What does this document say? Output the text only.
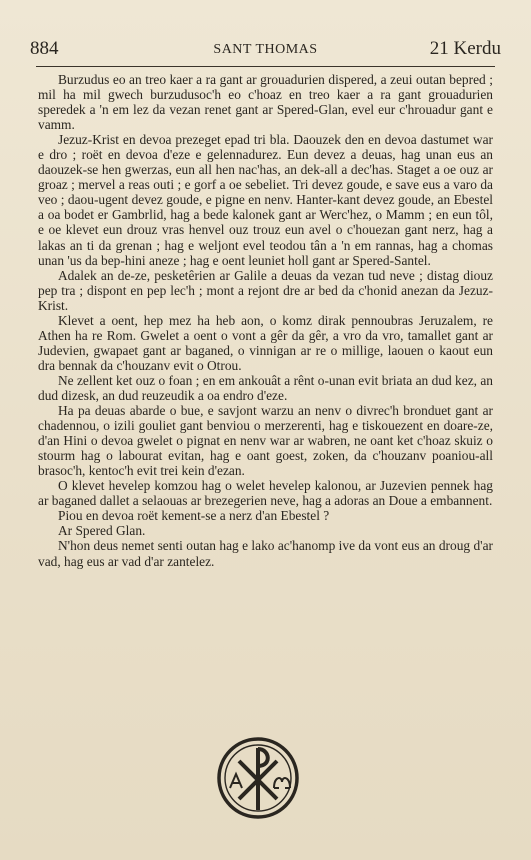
884	SANT THOMAS	21 Kerdu

Burzudus eo an treo kaer a ra gant ar grouadurien dispered, a zeui outan bepred ; mil ha mil gwech burzudusoc'h eo c'hoaz en treo kaer a ra gant grouadurien speredek a 'n em lez da vezan renet gant ar Spered-Glan, evel eur c'hrouadur gant e vamm.

Jezuz-Krist en devoa prezeget epad tri bla. Daouzek den en devoa dastumet war e dro ; roët en devoa d'eze e gelennadurez. Eun devez a deuas, hag unan eus an daouzek-se hen gwerzas, eun all hen nac'has, an dek-all a dec'has. Staget a oe ouz ar groaz ; mervel a reas outi ; e gorf a oe sebeliet. Tri devez goude, e save eus a varo da veo ; daou-ugent devez goude, e pigne en nenv. Hanter-kant devez goude, an Ebestel a oa bodet er Gambrlid, hag a bede kalonek gant ar Werc'hez, o Mamm ; en eun tôl, e oe klevet eun drouz vras henvel ouz trouz eun avel o c'houezan gant nerz, hag a lakas an ti da grenan ; hag e weljont evel teodou tân a 'n em rannas, hag a chomas unan 'us da bep-hini aneze ; hag e oent leuniet holl gant ar Spered-Santel.

Adalek an de-ze, pesketêrien ar Galile a deuas da vezan tud neve ; distag diouz pep tra ; dispont en pep lec'h ; mont a rejont dre ar bed da c'honid anezan da Jezuz-Krist.

Klevet a oent, hep mez ha heb aon, o komz dirak pennoubras Jeruzalem, re Athen ha re Rom. Gwelet a oent o vont a gêr da gêr, a vro da vro, tamallet gant ar Judevien, gwapaet gant ar baganed, o vinnigan ar re o millige, laouen o kaout eun dra bennak da c'houzanv evit o Otrou.

Ne zellent ket ouz o foan ; en em ankouât a rênt o-unan evit briata an dud kez, an dud dizesk, an dud reuzeudik a oa endro d'eze.

Ha pa deuas abarde o bue, e savjont warzu an nenv o divrec'h bronduet gant ar chadennou, o izili gouliet gant benviou o merzerenti, hag e tiskouezent en doare-ze, d'an Hini o devoa gwelet o pignat en nenv war ar wabren, ne oant ket c'hoaz skuiz o stourm hag o labourat evitan, hag e oant goest, zoken, da c'houzanv poaniou-all brasoc'h, kentoc'h evit trei kein d'ezan.

O klevet hevelep komzou hag o welet hevelep kalonou, ar Juzevien pennek hag ar baganed dallet a selaouas ar brezegerien neve, hag a adoras an Doue a embannent.

Piou en devoa roët kement-se a nerz d'an Ebestel ?

Ar Spered Glan.

N'hon deus nemet senti outan hag e lako ac'hanomp ive da vont eus an droug d'ar vad, hag eus ar vad d'ar zantelez.
